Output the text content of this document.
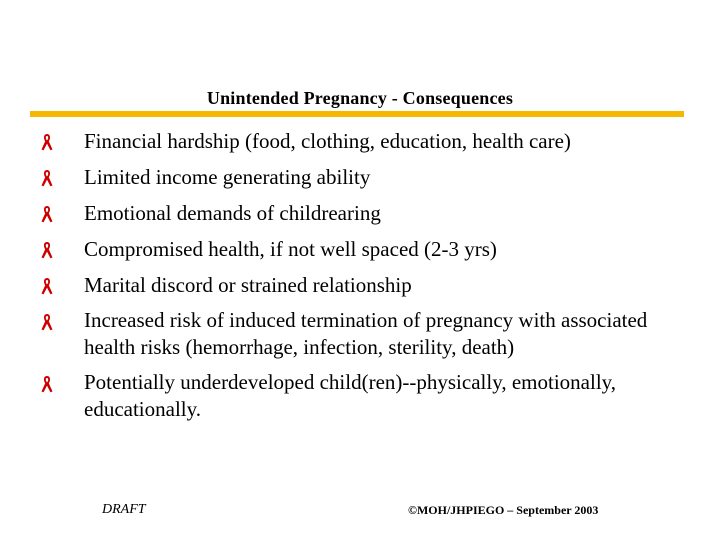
Unintended Pregnancy - Consequences
Financial hardship (food, clothing, education, health care)
Limited income generating ability
Emotional demands of childrearing
Compromised health, if not well spaced (2-3 yrs)
Marital discord or strained relationship
Increased risk of induced termination of pregnancy with associated health risks (hemorrhage, infection, sterility, death)
Potentially underdeveloped child(ren)--physically, emotionally, educationally.
DRAFT	©MOH/JHPIEGO – September 2003
